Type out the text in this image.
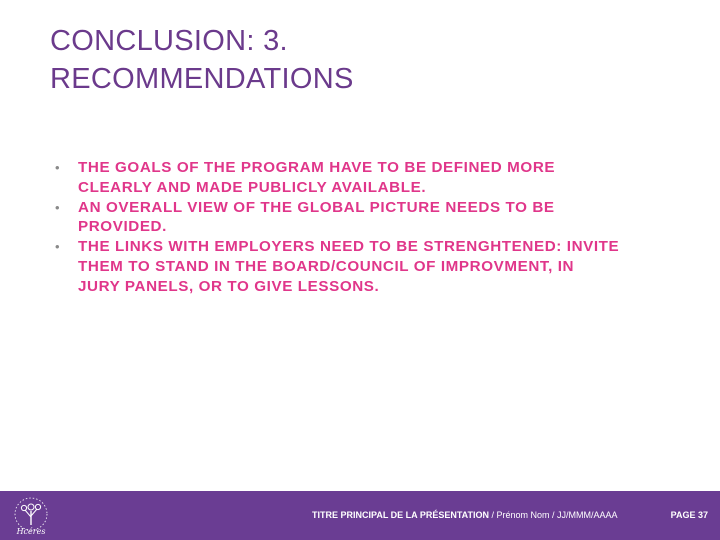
CONCLUSION: 3.
RECOMMENDATIONS
• THE GOALS OF THE PROGRAM HAVE TO BE DEFINED MORE CLEARLY AND MADE PUBLICLY AVAILABLE.
• AN OVERALL VIEW OF THE GLOBAL PICTURE NEEDS TO BE PROVIDED.
• THE LINKS WITH EMPLOYERS NEED TO BE STRENGHTENED: INVITE THEM TO STAND IN THE BOARD/COUNCIL OF IMPROVMENT, IN JURY PANELS, OR TO GIVE LESSONS.
Hcéres
TITRE PRINCIPAL DE LA PRÉSENTATION / Prénom Nom / JJ/MMM/AAAA	PAGE 37
